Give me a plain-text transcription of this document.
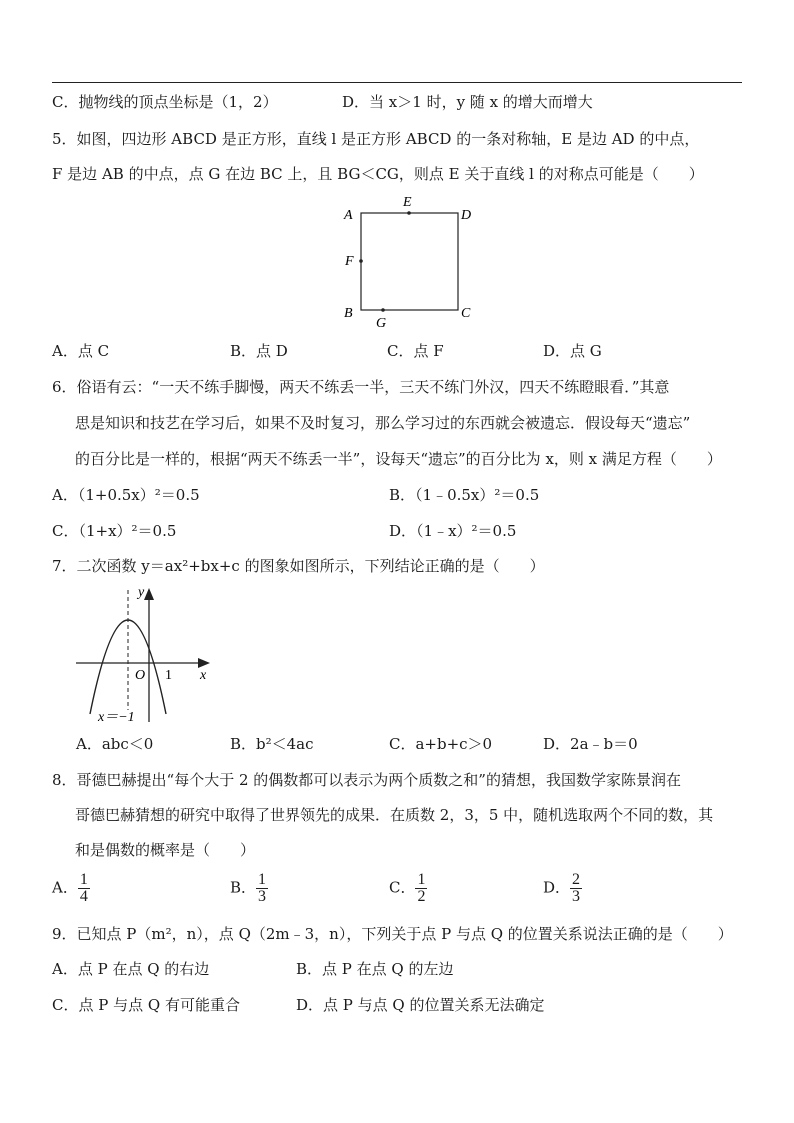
C．抛物线的顶点坐标是（1，2）	D．当 x＞1 时，y 随 x 的增大而增大
5．如图，四边形 ABCD 是正方形，直线 l 是正方形 ABCD 的一条对称轴，E 是边 AD 的中点，
F 是边 AB 的中点，点 G 在边 BC 上，且 BG＜CG，则点 E 关于直线 l 的对称点可能是（　　）
A
E
D
F
B	C
G
A．点 C	B．点 D	C．点 F	D．点 G
6．俗语有云：“一天不练手脚慢，两天不练丢一半，三天不练门外汉，四天不练瞪眼看．”其意
思是知识和技艺在学习后，如果不及时复习，那么学习过的东西就会被遗忘．假设每天“遗忘”
的百分比是一样的，根据“两天不练丢一半”，设每天“遗忘”的百分比为 x，则 x 满足方程（　　）
A．（1+0.5x）²＝0.5	B．（1﹣0.5x）²＝0.5
C．（1+x）²＝0.5	D．（1﹣x）²＝0.5
7．二次函数 y＝ax²+bx+c 的图象如图所示，下列结论正确的是（　　）
y
x
O 1
x＝−1
A．abc＜0	B．b²＜4ac	C．a+b+c＞0	D．2a﹣b＝0
8．哥德巴赫提出“每个大于 2 的偶数都可以表示为两个质数之和”的猜想，我国数学家陈景润在
哥德巴赫猜想的研究中取得了世界领先的成果．在质数 2，3，5 中，随机选取两个不同的数，其
和是偶数的概率是（　　）
A． $\frac{1}{4}$	B． $\frac{1}{3}$	C． $\frac{1}{2}$	D． $\frac{2}{3}$
9．已知点 P（m²，n），点 Q（2m﹣3，n），下列关于点 P 与点 Q 的位置关系说法正确的是（　　）
A．点 P 在点 Q 的右边	B．点 P 在点 Q 的左边
C．点 P 与点 Q 有可能重合	D．点 P 与点 Q 的位置关系无法确定
